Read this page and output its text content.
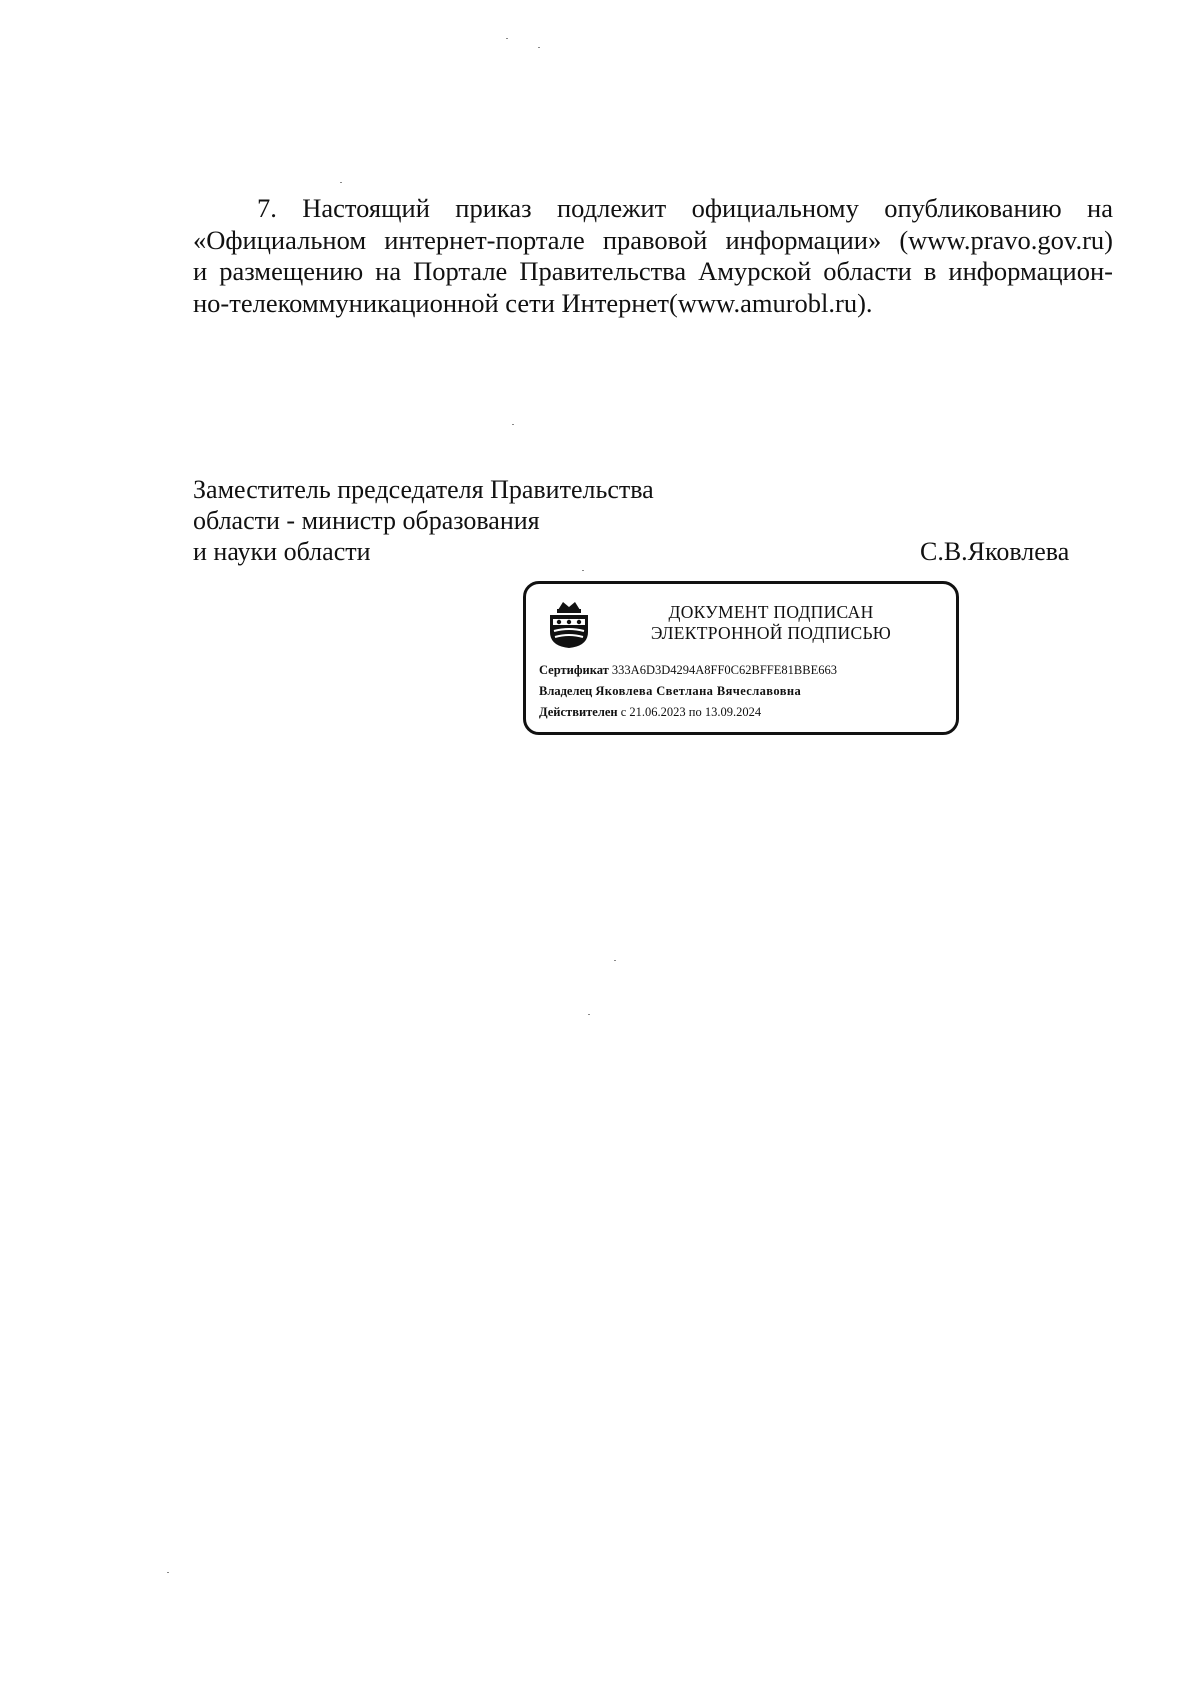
7. Настоящий приказ подлежит официальному опубликованию на
«Официальном интернет-портале правовой информации» (www.pravo.gov.ru)
и размещению на Портале Правительства Амурской области в информацион-
но-телекоммуникационной сети Интернет(www.amurobl.ru).
Заместитель председателя Правительства
области - министр образования
и науки области	С.В.Яковлева
ДОКУМЕНТ ПОДПИСАН
ЭЛЕКТРОННОЙ ПОДПИСЬЮ
Сертификат 333A6D3D4294A8FF0C62BFFE81BBE663
Владелец Яковлева Светлана Вячеславовна
Действителен с 21.06.2023 по 13.09.2024
